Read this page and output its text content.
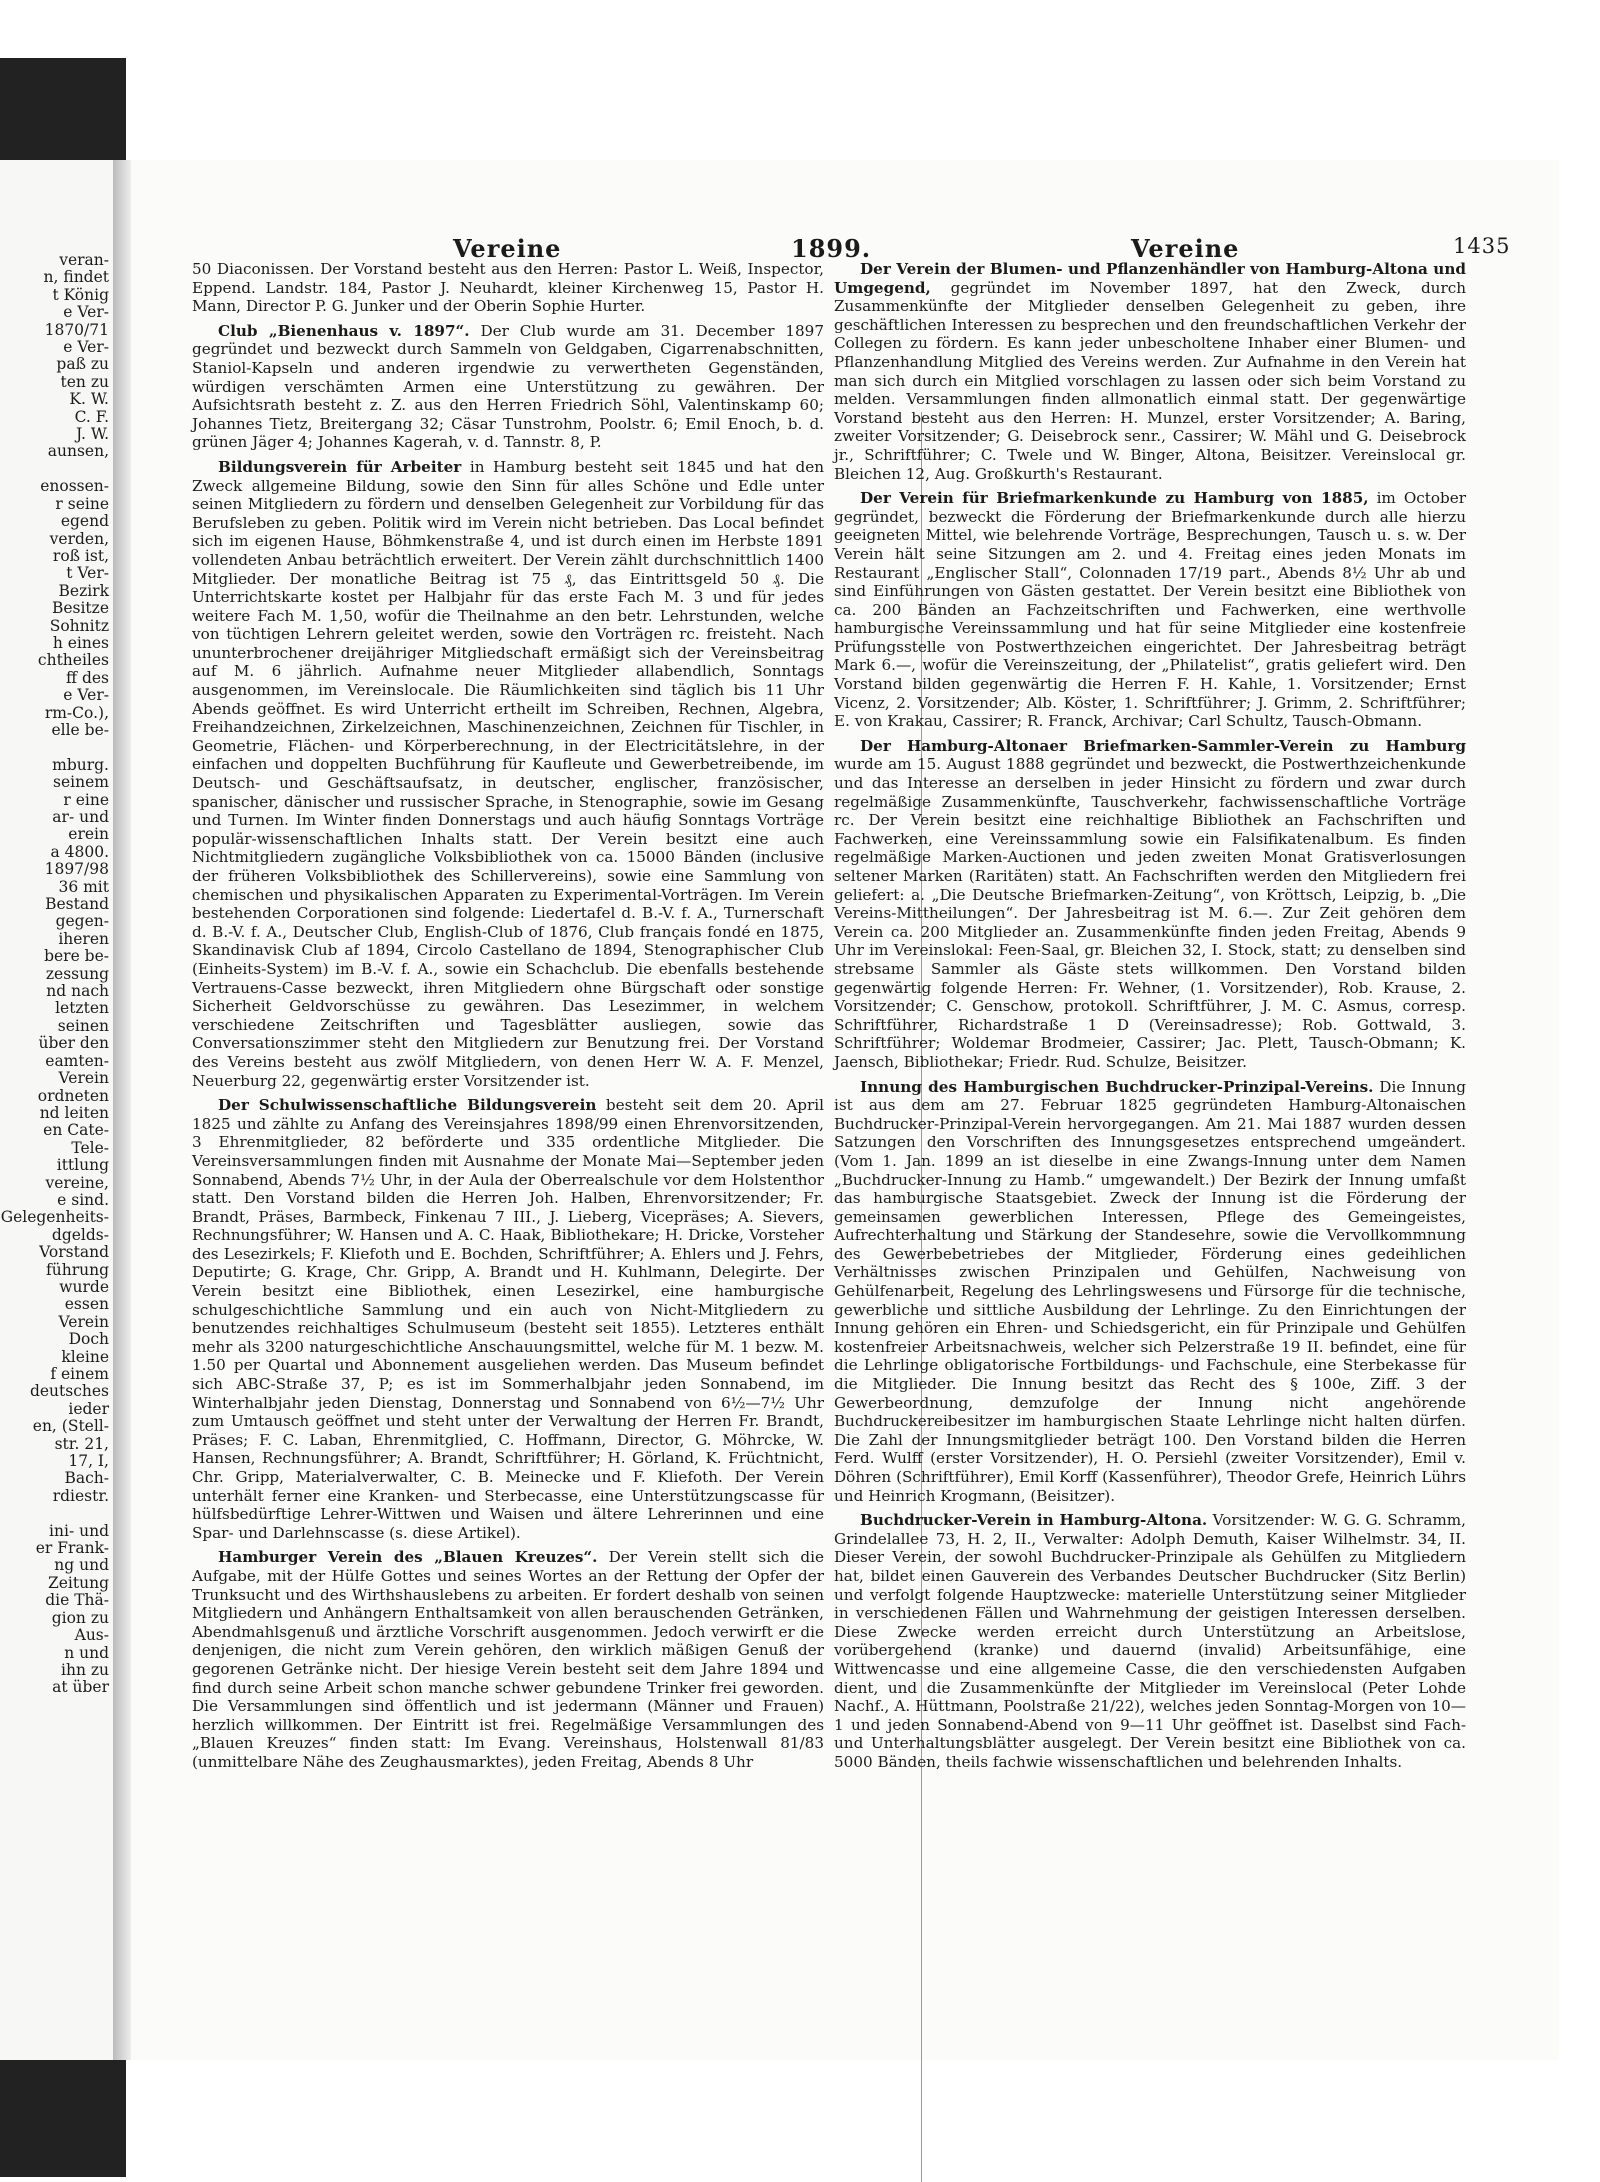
veran-
n, findet
t König
e Ver-
1870/71
e Ver-
paß zu
ten zu
K. W.
C. F.
J. W.
aunsen,

enossen-
r seine
egend
verden,
roß ist,
t Ver-
Bezirk
Besitze
Sohnitz
h eines
chtheiles
ff des
e Ver-
rm-Co.),
elle be-

mburg.
seinem
r eine
ar- und
erein
a 4800.
1897/98
36 mit
Bestand
gegen-
iheren
bere be-
zessung
nd nach
letzten
seinen
über den
eamten-
Verein
ordneten
nd leiten
en Cate-
Tele-
ittlung
vereine,
e sind.
Gelegenheits-
dgelds-
Vorstand
führung
wurde
essen
Verein
Doch
kleine
f einem
deutsches
ieder
en, (Stell-
str. 21,
17, I,
Bach-
rdiestr.

ini- und
er Frank-
ng und
Zeitung
die Thä-
gion zu
Aus-
n und
ihn zu
at über
Vereine	1899.	Vereine	1435

50 Diaconissen. Der Vorstand besteht aus den Herren: Pastor L. Weiß, Inspector, Eppend. Landstr. 184, Pastor J. Neuhardt, kleiner Kirchenweg 15, Pastor H. Mann, Director P. G. Junker und der Oberin Sophie Hurter.

Club „Bienenhaus v. 1897“. Der Club wurde am 31. December 1897 gegründet und bezweckt durch Sammeln von Geldgaben, Cigarrenabschnitten, Staniol-Kapseln und anderen irgendwie zu verwertheten Gegenständen, würdigen verschämten Armen eine Unterstützung zu gewähren. Der Aufsichtsrath besteht z. Z. aus den Herren Friedrich Söhl, Valentinskamp 60; Johannes Tietz, Breitergang 32; Cäsar Tunstrohm, Poolstr. 6; Emil Enoch, b. d. grünen Jäger 4; Johannes Kagerah, v. d. Tannstr. 8, P.

Bildungsverein für Arbeiter in Hamburg besteht seit 1845 und hat den Zweck allgemeine Bildung, sowie den Sinn für alles Schöne und Edle unter seinen Mitgliedern zu fördern und denselben Gelegenheit zur Vorbildung für das Berufsleben zu geben. Politik wird im Verein nicht betrieben. Das Local befindet sich im eigenen Hause, Böhmkenstraße 4, und ist durch einen im Herbste 1891 vollendeten Anbau beträchtlich erweitert. Der Verein zählt durchschnittlich 1400 Mitglieder. Der monatliche Beitrag ist 75 ₰, das Eintrittsgeld 50 ₰. Die Unterrichtskarte kostet per Halbjahr für das erste Fach M. 3 und für jedes weitere Fach M. 1,50, wofür die Theilnahme an den betr. Lehrstunden, welche von tüchtigen Lehrern geleitet werden, sowie den Vorträgen rc. freisteht. Nach ununterbrochener dreijähriger Mitgliedschaft ermäßigt sich der Vereinsbeitrag auf M. 6 jährlich. Aufnahme neuer Mitglieder allabendlich, Sonntags ausgenommen, im Vereinslocale. Die Räumlichkeiten sind täglich bis 11 Uhr Abends geöffnet. Es wird Unterricht ertheilt im Schreiben, Rechnen, Algebra, Freihandzeichnen, Zirkelzeichnen, Maschinenzeichnen, Zeichnen für Tischler, in Geometrie, Flächen- und Körperberechnung, in der Electricitätslehre, in der einfachen und doppelten Buchführung für Kaufleute und Gewerbetreibende, im Deutsch- und Geschäftsaufsatz, in deutscher, englischer, französischer, spanischer, dänischer und russischer Sprache, in Stenographie, sowie im Gesang und Turnen. Im Winter finden Donnerstags und auch häufig Sonntags Vorträge populär-wissenschaftlichen Inhalts statt. Der Verein besitzt eine auch Nichtmitgliedern zugängliche Volksbibliothek von ca. 15000 Bänden (inclusive der früheren Volksbibliothek des Schillervereins), sowie eine Sammlung von chemischen und physikalischen Apparaten zu Experimental-Vorträgen. Im Verein bestehenden Corporationen sind folgende: Liedertafel d. B.-V. f. A., Turnerschaft d. B.-V. f. A., Deutscher Club, English-Club of 1876, Club français fondé en 1875, Skandinavisk Club af 1894, Circolo Castellano de 1894, Stenographischer Club (Einheits-System) im B.-V. f. A., sowie ein Schachclub. Die ebenfalls bestehende Vertrauens-Casse bezweckt, ihren Mitgliedern ohne Bürgschaft oder sonstige Sicherheit Geldvorschüsse zu gewähren. Das Lesezimmer, in welchem verschiedene Zeitschriften und Tagesblätter ausliegen, sowie das Conversationszimmer steht den Mitgliedern zur Benutzung frei. Der Vorstand des Vereins besteht aus zwölf Mitgliedern, von denen Herr W. A. F. Menzel, Neuerburg 22, gegenwärtig erster Vorsitzender ist.

Der Schulwissenschaftliche Bildungsverein besteht seit dem 20. April 1825 und zählte zu Anfang des Vereinsjahres 1898/99 einen Ehrenvorsitzenden, 3 Ehrenmitglieder, 82 beförderte und 335 ordentliche Mitglieder. Die Vereinsversammlungen finden mit Ausnahme der Monate Mai—September jeden Sonnabend, Abends 7½ Uhr, in der Aula der Oberrealschule vor dem Holstenthor statt. Den Vorstand bilden die Herren Joh. Halben, Ehrenvorsitzender; Fr. Brandt, Präses, Barmbeck, Finkenau 7 III., J. Lieberg, Vicepräses; A. Sievers, Rechnungsführer; W. Hansen und A. C. Haak, Bibliothekare; H. Dricke, Vorsteher des Lesezirkels; F. Kliefoth und E. Bochden, Schriftführer; A. Ehlers und J. Fehrs, Deputirte; G. Krage, Chr. Gripp, A. Brandt und H. Kuhlmann, Delegirte. Der Verein besitzt eine Bibliothek, einen Lesezirkel, eine hamburgische schulgeschichtliche Sammlung und ein auch von Nicht-Mitgliedern zu benutzendes reichhaltiges Schulmuseum (besteht seit 1855). Letzteres enthält mehr als 3200 naturgeschichtliche Anschauungsmittel, welche für M. 1 bezw. M. 1.50 per Quartal und Abonnement ausgeliehen werden. Das Museum befindet sich ABC-Straße 37, P; es ist im Sommerhalbjahr jeden Sonnabend, im Winterhalbjahr jeden Dienstag, Donnerstag und Sonnabend von 6½—7½ Uhr zum Umtausch geöffnet und steht unter der Verwaltung der Herren Fr. Brandt, Präses; F. C. Laban, Ehrenmitglied, C. Hoffmann, Director, G. Möhrcke, W. Hansen, Rechnungsführer; A. Brandt, Schriftführer; H. Görland, K. Früchtnicht, Chr. Gripp, Materialverwalter, C. B. Meinecke und F. Kliefoth. Der Verein unterhält ferner eine Kranken- und Sterbecasse, eine Unterstützungscasse für hülfsbedürftige Lehrer-Wittwen und Waisen und ältere Lehrerinnen und eine Spar- und Darlehnscasse (s. diese Artikel).

Hamburger Verein des „Blauen Kreuzes“. Der Verein stellt sich die Aufgabe, mit der Hülfe Gottes und seines Wortes an der Rettung der Opfer der Trunksucht und des Wirthshauslebens zu arbeiten. Er fordert deshalb von seinen Mitgliedern und Anhängern Enthaltsamkeit von allen berauschenden Getränken, Abendmahlsgenuß und ärztliche Vorschrift ausgenommen. Jedoch verwirft er die denjenigen, die nicht zum Verein gehören, den wirklich mäßigen Genuß der gegorenen Getränke nicht. Der hiesige Verein besteht seit dem Jahre 1894 und find durch seine Arbeit schon manche schwer gebundene Trinker frei geworden. Die Versammlungen sind öffentlich und ist jedermann (Männer und Frauen) herzlich willkommen. Der Eintritt ist frei. Regelmäßige Versammlungen des „Blauen Kreuzes“ finden statt: Im Evang. Vereinshaus, Holstenwall 81/83 (unmittelbare Nähe des Zeughausmarktes), jeden Freitag, Abends 8 Uhr

Der Verein der Blumen- und Pflanzenhändler von Hamburg-Altona und Umgegend, gegründet im November 1897, hat den Zweck, durch Zusammenkünfte der Mitglieder denselben Gelegenheit zu geben, ihre geschäftlichen Interessen zu besprechen und den freundschaftlichen Verkehr der Collegen zu fördern. Es kann jeder unbescholtene Inhaber einer Blumen- und Pflanzenhandlung Mitglied des Vereins werden. Zur Aufnahme in den Verein hat man sich durch ein Mitglied vorschlagen zu lassen oder sich beim Vorstand zu melden. Versammlungen finden allmonatlich einmal statt. Der gegenwärtige Vorstand besteht aus den Herren: H. Munzel, erster Vorsitzender; A. Baring, zweiter Vorsitzender; G. Deisebrock senr., Cassirer; W. Mähl und G. Deisebrock jr., Schriftführer; C. Twele und W. Binger, Altona, Beisitzer. Vereinslocal gr. Bleichen 12, Aug. Großkurth's Restaurant.

Der Verein für Briefmarkenkunde zu Hamburg von 1885, im October gegründet, bezweckt die Förderung der Briefmarkenkunde durch alle hierzu geeigneten Mittel, wie belehrende Vorträge, Besprechungen, Tausch u. s. w. Der Verein hält seine Sitzungen am 2. und 4. Freitag eines jeden Monats im Restaurant „Englischer Stall“, Colonnaden 17/19 part., Abends 8½ Uhr ab und sind Einführungen von Gästen gestattet. Der Verein besitzt eine Bibliothek von ca. 200 Bänden an Fachzeitschriften und Fachwerken, eine werthvolle hamburgische Vereinssammlung und hat für seine Mitglieder eine kostenfreie Prüfungsstelle von Postwerthzeichen eingerichtet. Der Jahresbeitrag beträgt Mark 6.—, wofür die Vereinszeitung, der „Philatelist“, gratis geliefert wird. Den Vorstand bilden gegenwärtig die Herren F. H. Kahle, 1. Vorsitzender; Ernst Vicenz, 2. Vorsitzender; Alb. Köster, 1. Schriftführer; J. Grimm, 2. Schriftführer; E. von Krakau, Cassirer; R. Franck, Archivar; Carl Schultz, Tausch-Obmann.

Der Hamburg-Altonaer Briefmarken-Sammler-Verein zu Hamburg wurde am 15. August 1888 gegründet und bezweckt, die Postwerthzeichenkunde und das Interesse an derselben in jeder Hinsicht zu fördern und zwar durch regelmäßige Zusammenkünfte, Tauschverkehr, fachwissenschaftliche Vorträge rc. Der Verein besitzt eine reichhaltige Bibliothek an Fachschriften und Fachwerken, eine Vereinssammlung sowie ein Falsifikatenalbum. Es finden regelmäßige Marken-Auctionen und jeden zweiten Monat Gratisverlosungen seltener Marken (Raritäten) statt. An Fachschriften werden den Mitgliedern frei geliefert: a. „Die Deutsche Briefmarken-Zeitung“, von Kröttsch, Leipzig, b. „Die Vereins-Mittheilungen“. Der Jahresbeitrag ist M. 6.—. Zur Zeit gehören dem Verein ca. 200 Mitglieder an. Zusammenkünfte finden jeden Freitag, Abends 9 Uhr im Vereinslokal: Feen-Saal, gr. Bleichen 32, I. Stock, statt; zu denselben sind strebsame Sammler als Gäste stets willkommen. Den Vorstand bilden gegenwärtig folgende Herren: Fr. Wehner, (1. Vorsitzender), Rob. Krause, 2. Vorsitzender; C. Genschow, protokoll. Schriftführer, J. M. C. Asmus, corresp. Schriftführer, Richardstraße 1 D (Vereinsadresse); Rob. Gottwald, 3. Schriftführer; Woldemar Brodmeier, Cassirer; Jac. Plett, Tausch-Obmann; K. Jaensch, Bibliothekar; Friedr. Rud. Schulze, Beisitzer.

Innung des Hamburgischen Buchdrucker-Prinzipal-Vereins. Die Innung ist aus dem am 27. Februar 1825 gegründeten Hamburg-Altonaischen Buchdrucker-Prinzipal-Verein hervorgegangen. Am 21. Mai 1887 wurden dessen Satzungen den Vorschriften des Innungsgesetzes entsprechend umgeändert. (Vom 1. Jan. 1899 an ist dieselbe in eine Zwangs-Innung unter dem Namen „Buchdrucker-Innung zu Hamb.“ umgewandelt.) Der Bezirk der Innung umfaßt das hamburgische Staatsgebiet. Zweck der Innung ist die Förderung der gemeinsamen gewerblichen Interessen, Pflege des Gemeingeistes, Aufrechterhaltung und Stärkung der Standesehre, sowie die Vervollkommnung des Gewerbebetriebes der Mitglieder, Förderung eines gedeihlichen Verhältnisses zwischen Prinzipalen und Gehülfen, Nachweisung von Gehülfenarbeit, Regelung des Lehrlingswesens und Fürsorge für die technische, gewerbliche und sittliche Ausbildung der Lehrlinge. Zu den Einrichtungen der Innung gehören ein Ehren- und Schiedsgericht, ein für Prinzipale und Gehülfen kostenfreier Arbeitsnachweis, welcher sich Pelzerstraße 19 II. befindet, eine für die Lehrlinge obligatorische Fortbildungs- und Fachschule, eine Sterbekasse für die Mitglieder. Die Innung besitzt das Recht des § 100e, Ziff. 3 der Gewerbeordnung, demzufolge der Innung nicht angehörende Buchdruckereibesitzer im hamburgischen Staate Lehrlinge nicht halten dürfen. Die Zahl der Innungsmitglieder beträgt 100. Den Vorstand bilden die Herren Ferd. Wulff (erster Vorsitzender), H. O. Persiehl (zweiter Vorsitzender), Emil v. Döhren (Schriftführer), Emil Korff (Kassenführer), Theodor Grefe, Heinrich Lührs und Heinrich Krogmann, (Beisitzer).

Buchdrucker-Verein in Hamburg-Altona. Vorsitzender: W. G. G. Schramm, Grindelallee 73, H. 2, II., Verwalter: Adolph Demuth, Kaiser Wilhelmstr. 34, II. Dieser Verein, der sowohl Buchdrucker-Prinzipale als Gehülfen zu Mitgliedern hat, bildet einen Gauverein des Verbandes Deutscher Buchdrucker (Sitz Berlin) und verfolgt folgende Hauptzwecke: materielle Unterstützung seiner Mitglieder in verschiedenen Fällen und Wahrnehmung der geistigen Interessen derselben. Diese Zwecke werden erreicht durch Unterstützung an Arbeitslose, vorübergehend (kranke) und dauernd (invalid) Arbeitsunfähige, eine Wittwencasse und eine allgemeine Casse, die den verschiedensten Aufgaben dient, und die Zusammenkünfte der Mitglieder im Vereinslocal (Peter Lohde Nachf., A. Hüttmann, Poolstraße 21/22), welches jeden Sonntag-Morgen von 10—1 und jeden Sonnabend-Abend von 9—11 Uhr geöffnet ist. Daselbst sind Fach- und Unterhaltungsblätter ausgelegt. Der Verein besitzt eine Bibliothek von ca. 5000 Bänden, theils fachwie wissenschaftlichen und belehrenden Inhalts.
